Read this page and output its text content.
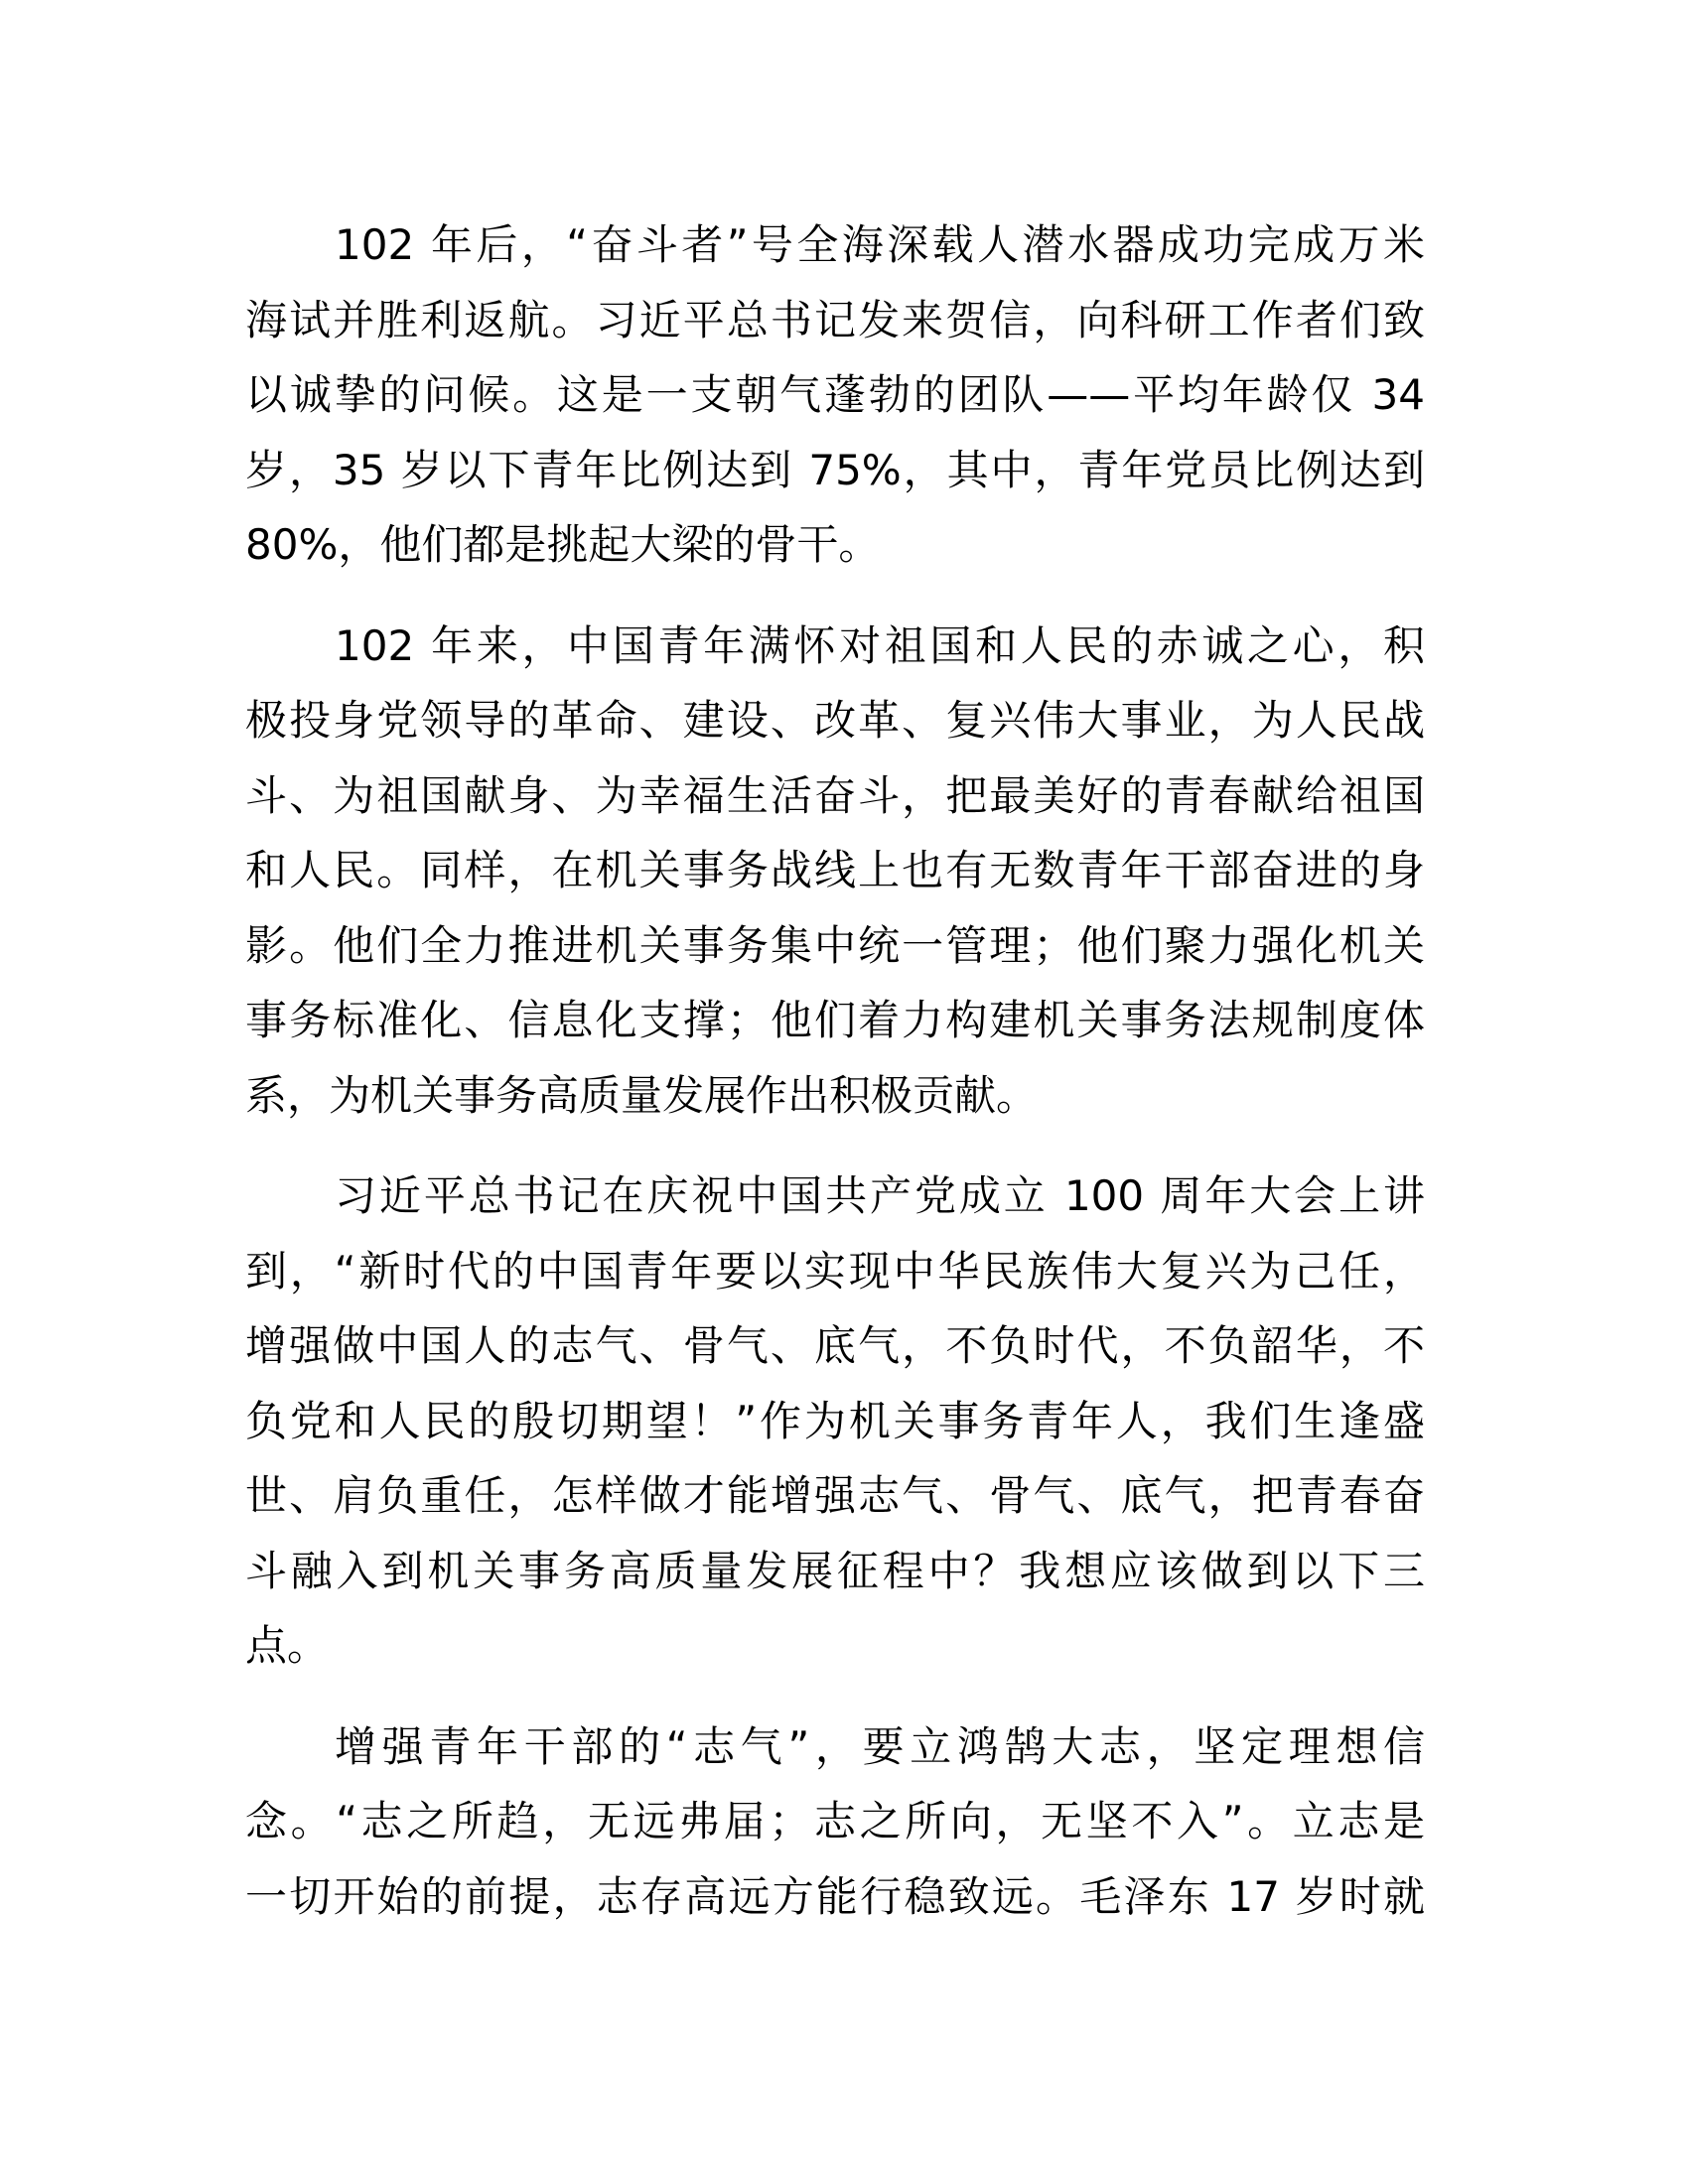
102 年后，“奋斗者”号全海深载人潜水器成功完成万米
海试并胜利返航。习近平总书记发来贺信，向科研工作者们致
以诚挚的问候。这是一支朝气蓬勃的团队——平均年龄仅 34
岁，35 岁以下青年比例达到 75%，其中，青年党员比例达到
80%，他们都是挑起大梁的骨干。
102 年来，中国青年满怀对祖国和人民的赤诚之心，积
极投身党领导的革命、建设、改革、复兴伟大事业，为人民战
斗、为祖国献身、为幸福生活奋斗，把最美好的青春献给祖国
和人民。同样，在机关事务战线上也有无数青年干部奋进的身
影。他们全力推进机关事务集中统一管理；他们聚力强化机关
事务标准化、信息化支撑；他们着力构建机关事务法规制度体
系，为机关事务高质量发展作出积极贡献。
习近平总书记在庆祝中国共产党成立 100 周年大会上讲
到，“新时代的中国青年要以实现中华民族伟大复兴为己任，
增强做中国人的志气、骨气、底气，不负时代，不负韶华，不
负党和人民的殷切期望！”作为机关事务青年人，我们生逢盛
世、肩负重任，怎样做才能增强志气、骨气、底气，把青春奋
斗融入到机关事务高质量发展征程中？我想应该做到以下三
点。
增强青年干部的“志气”，要立鸿鹄大志，坚定理想信
念。“志之所趋，无远弗届；志之所向，无坚不入”。立志是
一切开始的前提，志存高远方能行稳致远。毛泽东 17 岁时就
